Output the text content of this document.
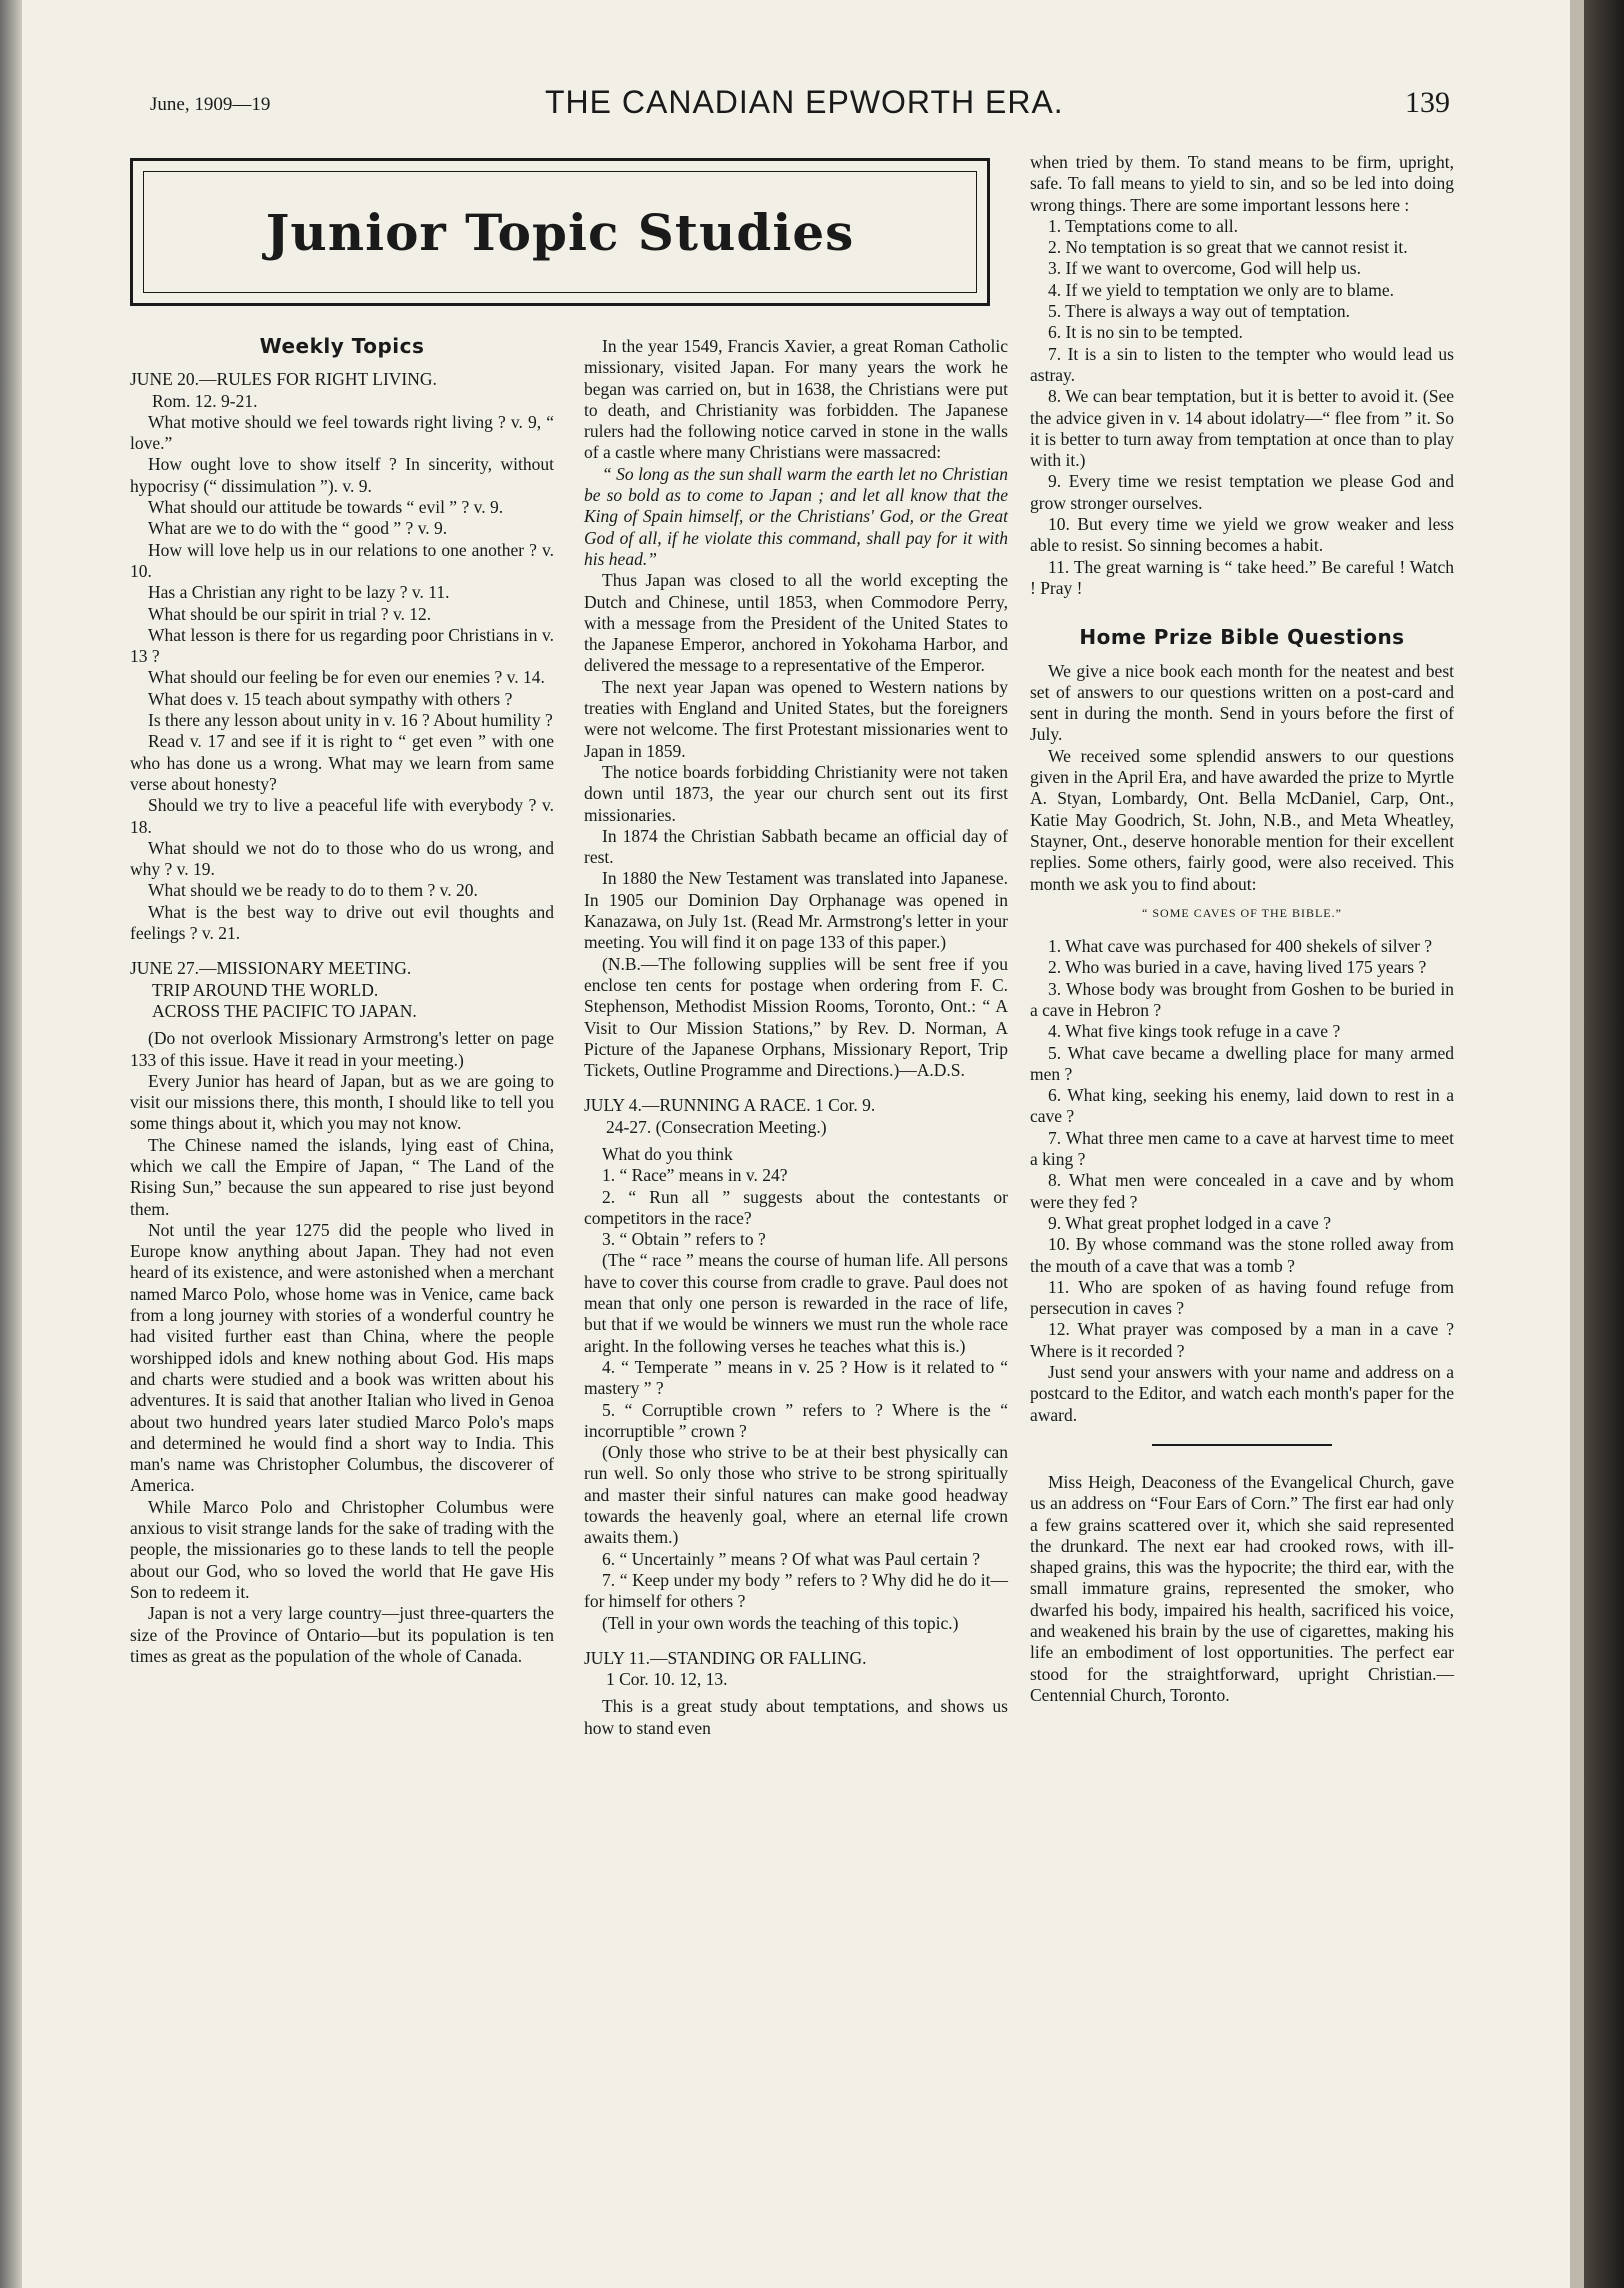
June, 1909—19	THE CANADIAN EPWORTH ERA.	139
Junior Topic Studies
Weekly Topics
JUNE 20.—RULES FOR RIGHT LIVING.
Rom. 12. 9-21.

What motive should we feel towards right living ? v. 9, “ love.”

How ought love to show itself ? In sincerity, without hypocrisy (“ dissimulation ”). v. 9.

What should our attitude be towards “ evil ” ? v. 9.

What are we to do with the “ good ” ? v. 9.

How will love help us in our relations to one another ? v. 10.

Has a Christian any right to be lazy ? v. 11.

What should be our spirit in trial ? v. 12.

What lesson is there for us regarding poor Christians in v. 13 ?

What should our feeling be for even our enemies ? v. 14.

What does v. 15 teach about sympathy with others ?

Is there any lesson about unity in v. 16 ? About humility ?

Read v. 17 and see if it is right to “ get even ” with one who has done us a wrong. What may we learn from same verse about honesty?

Should we try to live a peaceful life with everybody ? v. 18.

What should we not do to those who do us wrong, and why ? v. 19.

What should we be ready to do to them ? v. 20.

What is the best way to drive out evil thoughts and feelings ? v. 21.

JUNE 27.—MISSIONARY MEETING.
TRIP AROUND THE WORLD.
ACROSS THE PACIFIC TO JAPAN.

(Do not overlook Missionary Armstrong's letter on page 133 of this issue. Have it read in your meeting.)

Every Junior has heard of Japan, but as we are going to visit our missions there, this month, I should like to tell you some things about it, which you may not know.

The Chinese named the islands, lying east of China, which we call the Empire of Japan, “ The Land of the Rising Sun,” because the sun appeared to rise just beyond them.

Not until the year 1275 did the people who lived in Europe know anything about Japan. They had not even heard of its existence, and were astonished when a merchant named Marco Polo, whose home was in Venice, came back from a long journey with stories of a wonderful country he had visited further east than China, where the people worshipped idols and knew nothing about God. His maps and charts were studied and a book was written about his adventures. It is said that another Italian who lived in Genoa about two hundred years later studied Marco Polo's maps and determined he would find a short way to India. This man's name was Christopher Columbus, the discoverer of America.

While Marco Polo and Christopher Columbus were anxious to visit strange lands for the sake of trading with the people, the missionaries go to these lands to tell the people about our God, who so loved the world that He gave His Son to redeem it.

Japan is not a very large country—just three-quarters the size of the Province of Ontario—but its population is ten times as great as the population of the whole of Canada.

In the year 1549, Francis Xavier, a great Roman Catholic missionary, visited Japan. For many years the work he began was carried on, but in 1638, the Christians were put to death, and Christianity was forbidden. The Japanese rulers had the following notice carved in stone in the walls of a castle where many Christians were massacred:

“ So long as the sun shall warm the earth let no Christian be so bold as to come to Japan ; and let all know that the King of Spain himself, or the Christians' God, or the Great God of all, if he violate this command, shall pay for it with his head.”

Thus Japan was closed to all the world excepting the Dutch and Chinese, until 1853, when Commodore Perry, with a message from the President of the United States to the Japanese Emperor, anchored in Yokohama Harbor, and delivered the message to a representative of the Emperor.

The next year Japan was opened to Western nations by treaties with England and United States, but the foreigners were not welcome. The first Protestant missionaries went to Japan in 1859.

The notice boards forbidding Christianity were not taken down until 1873, the year our church sent out its first missionaries.

In 1874 the Christian Sabbath became an official day of rest.

In 1880 the New Testament was translated into Japanese. In 1905 our Dominion Day Orphanage was opened in Kanazawa, on July 1st. (Read Mr. Armstrong's letter in your meeting. You will find it on page 133 of this paper.)

(N.B.—The following supplies will be sent free if you enclose ten cents for postage when ordering from F. C. Stephenson, Methodist Mission Rooms, Toronto, Ont.: “ A Visit to Our Mission Stations,” by Rev. D. Norman, A Picture of the Japanese Orphans, Missionary Report, Trip Tickets, Outline Programme and Directions.)—A.D.S.

JULY 4.—RUNNING A RACE. 1 Cor. 9.
24-27. (Consecration Meeting.)

What do you think

1. “ Race” means in v. 24?

2. “ Run all ” suggests about the contestants or competitors in the race?

3. “ Obtain ” refers to ?

(The “ race ” means the course of human life. All persons have to cover this course from cradle to grave. Paul does not mean that only one person is rewarded in the race of life, but that if we would be winners we must run the whole race aright. In the following verses he teaches what this is.)

4. “ Temperate ” means in v. 25 ? How is it related to “ mastery ” ?

5. “ Corruptible crown ” refers to ? Where is the “ incorruptible ” crown ?

(Only those who strive to be at their best physically can run well. So only those who strive to be strong spiritually and master their sinful natures can make good headway towards the heavenly goal, where an eternal life crown awaits them.)

6. “ Uncertainly ” means ? Of what was Paul certain ?

7. “ Keep under my body ” refers to ? Why did he do it—for himself for others ?

(Tell in your own words the teaching of this topic.)

JULY 11.—STANDING OR FALLING.
1 Cor. 10. 12, 13.

This is a great study about temptations, and shows us how to stand even

when tried by them. To stand means to be firm, upright, safe. To fall means to yield to sin, and so be led into doing wrong things. There are some important lessons here :

1. Temptations come to all.

2. No temptation is so great that we cannot resist it.

3. If we want to overcome, God will help us.

4. If we yield to temptation we only are to blame.

5. There is always a way out of temptation.

6. It is no sin to be tempted.

7. It is a sin to listen to the tempter who would lead us astray.

8. We can bear temptation, but it is better to avoid it. (See the advice given in v. 14 about idolatry—“ flee from ” it. So it is better to turn away from temptation at once than to play with it.)

9. Every time we resist temptation we please God and grow stronger ourselves.

10. But every time we yield we grow weaker and less able to resist. So sinning becomes a habit.

11. The great warning is “ take heed.” Be careful ! Watch ! Pray !

Home Prize Bible Questions

We give a nice book each month for the neatest and best set of answers to our questions written on a post-card and sent in during the month. Send in yours before the first of July.

We received some splendid answers to our questions given in the April Era, and have awarded the prize to Myrtle A. Styan, Lombardy, Ont. Bella McDaniel, Carp, Ont., Katie May Goodrich, St. John, N.B., and Meta Wheatley, Stayner, Ont., deserve honorable mention for their excellent replies. Some others, fairly good, were also received. This month we ask you to find about:

“ SOME CAVES OF THE BIBLE.”

1. What cave was purchased for 400 shekels of silver ?

2. Who was buried in a cave, having lived 175 years ?

3. Whose body was brought from Goshen to be buried in a cave in Hebron ?

4. What five kings took refuge in a cave ?

5. What cave became a dwelling place for many armed men ?

6. What king, seeking his enemy, laid down to rest in a cave ?

7. What three men came to a cave at harvest time to meet a king ?

8. What men were concealed in a cave and by whom were they fed ?

9. What great prophet lodged in a cave ?

10. By whose command was the stone rolled away from the mouth of a cave that was a tomb ?

11. Who are spoken of as having found refuge from persecution in caves ?

12. What prayer was composed by a man in a cave ? Where is it recorded ?

Just send your answers with your name and address on a postcard to the Editor, and watch each month's paper for the award.

Miss Heigh, Deaconess of the Evangelical Church, gave us an address on “Four Ears of Corn.” The first ear had only a few grains scattered over it, which she said represented the drunkard. The next ear had crooked rows, with ill-shaped grains, this was the hypocrite; the third ear, with the small immature grains, represented the smoker, who dwarfed his body, impaired his health, sacrificed his voice, and weakened his brain by the use of cigarettes, making his life an embodiment of lost opportunities. The perfect ear stood for the straightforward, upright Christian.—Centennial Church, Toronto.
